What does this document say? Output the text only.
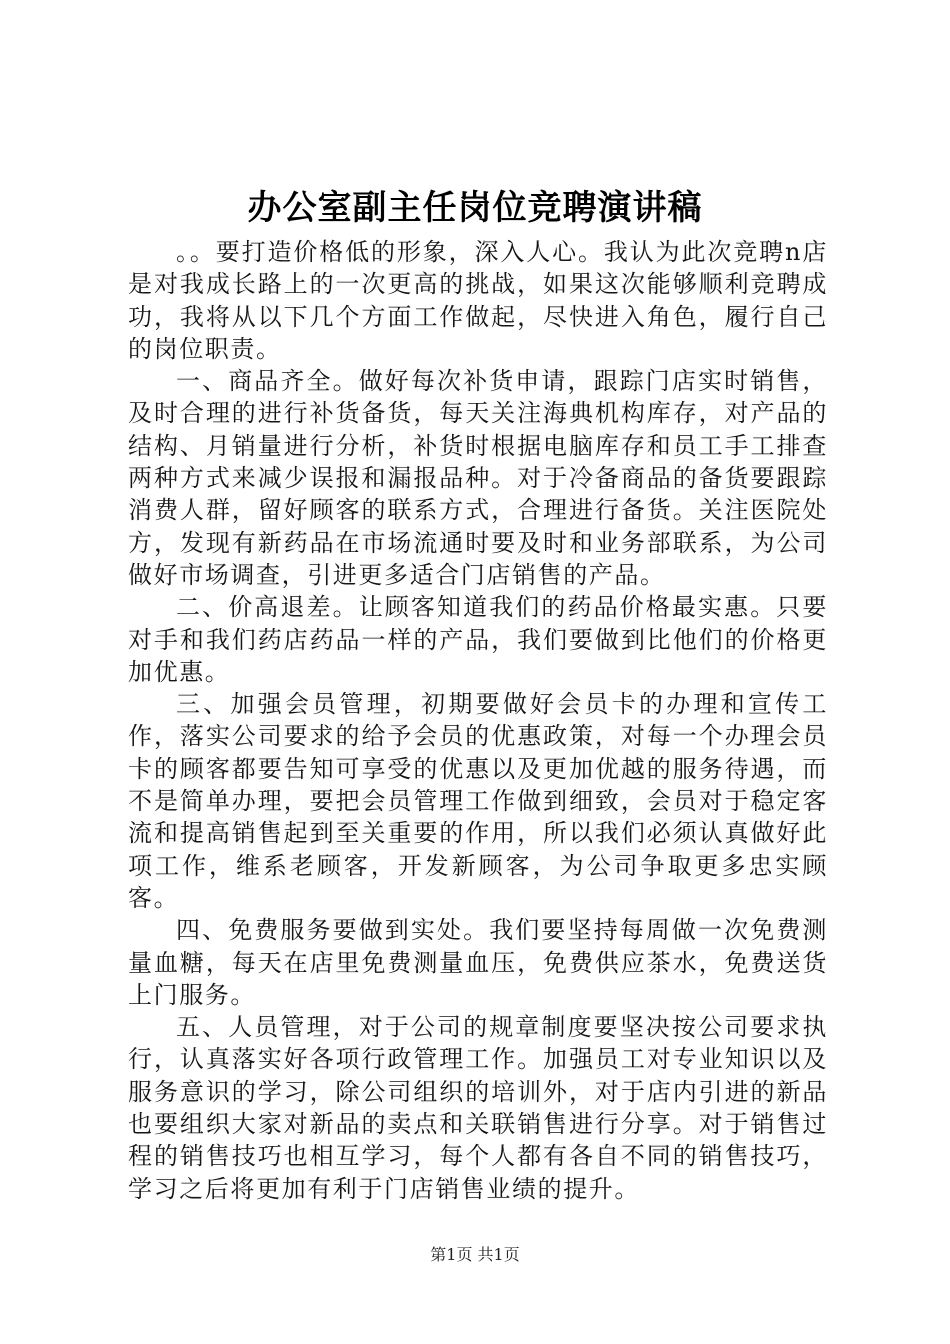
办公室副主任岗位竞聘演讲稿

。。要打造价格低的形象，深入人心。我认为此次竞聘n店是对我成长路上的一次更高的挑战，如果这次能够顺利竞聘成功，我将从以下几个方面工作做起，尽快进入角色，履行自己的岗位职责。

一、商品齐全。做好每次补货申请，跟踪门店实时销售，及时合理的进行补货备货，每天关注海典机构库存，对产品的结构、月销量进行分析，补货时根据电脑库存和员工手工排查两种方式来减少误报和漏报品种。对于冷备商品的备货要跟踪消费人群，留好顾客的联系方式，合理进行备货。关注医院处方，发现有新药品在市场流通时要及时和业务部联系，为公司做好市场调查，引进更多适合门店销售的产品。

二、价高退差。让顾客知道我们的药品价格最实惠。只要对手和我们药店药品一样的产品，我们要做到比他们的价格更加优惠。

三、加强会员管理，初期要做好会员卡的办理和宣传工作，落实公司要求的给予会员的优惠政策，对每一个办理会员卡的顾客都要告知可享受的优惠以及更加优越的服务待遇，而不是简单办理，要把会员管理工作做到细致，会员对于稳定客流和提高销售起到至关重要的作用，所以我们必须认真做好此项工作，维系老顾客，开发新顾客，为公司争取更多忠实顾客。

四、免费服务要做到实处。我们要坚持每周做一次免费测量血糖，每天在店里免费测量血压，免费供应茶水，免费送货上门服务。

五、人员管理，对于公司的规章制度要坚决按公司要求执行，认真落实好各项行政管理工作。加强员工对专业知识以及服务意识的学习，除公司组织的培训外，对于店内引进的新品也要组织大家对新品的卖点和关联销售进行分享。对于销售过程的销售技巧也相互学习，每个人都有各自不同的销售技巧，学习之后将更加有利于门店销售业绩的提升。

第1页 共1页
